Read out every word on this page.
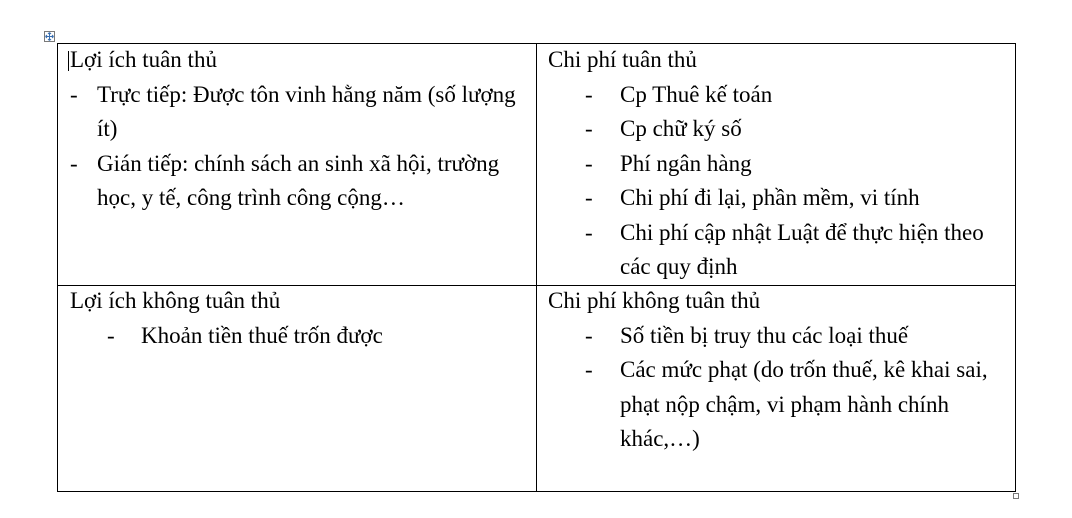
Lợi ích tuân thủ
- Trực tiếp: Được tôn vinh hằng năm (số lượng ít)
- Gián tiếp: chính sách an sinh xã hội, trường học, y tế, công trình công cộng…
Chi phí tuân thủ
- Cp Thuê kế toán
- Cp chữ ký số
- Phí ngân hàng
- Chi phí đi lại, phần mềm, vi tính
- Chi phí cập nhật Luật để thực hiện theo các quy định
Lợi ích không tuân thủ
- Khoản tiền thuế trốn được
Chi phí không tuân thủ
- Số tiền bị truy thu các loại thuế
- Các mức phạt (do trốn thuế, kê khai sai, phạt nộp chậm, vi phạm hành chính khác,…)
